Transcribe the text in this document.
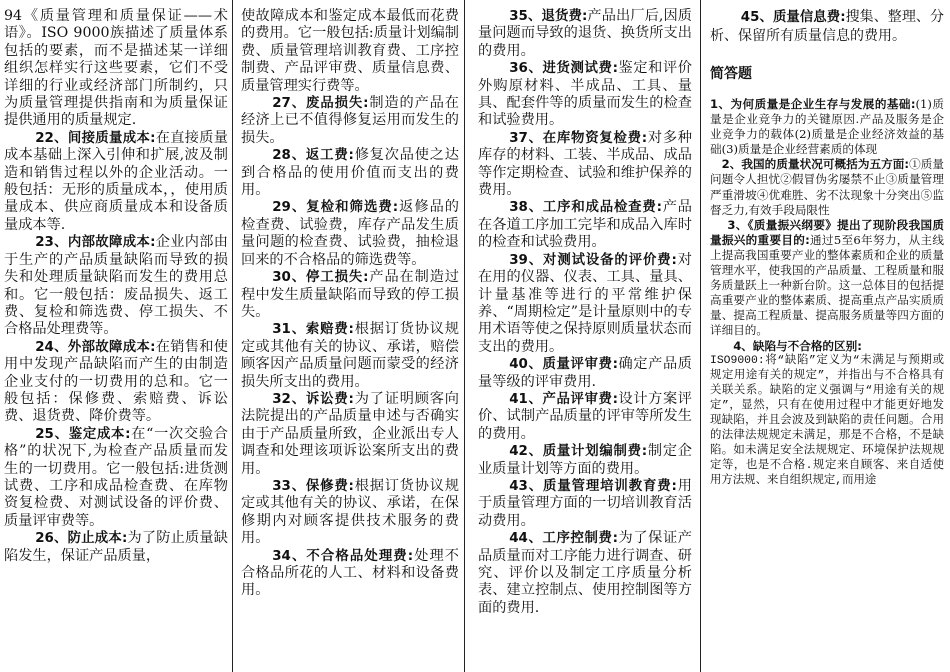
94《质量管理和质量保证——术语》。ISO 9000族描述了质量体系包括的要素，而不是描述某一详细组织怎样实行这些要素，它们不受详细的行业或经济部门所制约，只为质量管理提供指南和为质量保证提供通用的质量规定.

22、间接质量成本:在直接质量成本基础上深入引伸和扩展,波及制造和销售过程以外的企业活动。一般包括：无形的质量成本，，使用质量成本、供应商质量成本和设备质量成本等.

23、内部故障成本:企业内部由于生产的产品质量缺陷而导致的损失和处理质量缺陷而发生的费用总和。它一般包括：废品损失、返工费、复检和筛选费、停工损失、不合格品处理费等。

24、外部故障成本:在销售和使用中发现产品缺陷而产生的由制造企业支付的一切费用的总和。它一般包括：保修费、索赔费、诉讼费、退货费、降价费等。

25、鉴定成本:在“一次交验合格”的状况下,为检查产品质量而发生的一切费用。它一般包括:进货测试费、工序和成品检查费、在库物资复检费、对测试设备的评价费、质量评审费等。

26、防止成本:为了防止质量缺陷发生，保证产品质量，

使故障成本和鉴定成本最低而花费的费用。它一般包括:质量计划编制费、质量管理培训教育费、工序控制费、产品评审费、质量信息费、质量管理实行费等。

27、废品损失:制造的产品在经济上已不值得修复运用而发生的损失。

28、返工费:修复次品使之达到合格品的使用价值而支出的费用。

29、复检和筛选费:返修品的检查费、试验费，库存产品发生质量问题的检查费、试验费，抽检退回来的不合格品的筛选费等。

30、停工损失:产品在制造过程中发生质量缺陷而导致的停工损失。

31、索赔费:根据订货协议规定或其他有关的协议、承诺，赔偿顾客因产品质量问题而蒙受的经济损失所支出的费用。

32、诉讼费:为了证明顾客向法院提出的产品质量申述与否确实由于产品质量所致，企业派出专人调查和处理该项诉讼案所支出的费用。

33、保修费:根据订货协议规定或其他有关的协议、承诺，在保修期内对顾客提供技术服务的费用。

34、不合格品处理费:处理不合格品所花的人工、材料和设备费用。

35、退货费:产品出厂后,因质量问题而导致的退货、换货所支出的费用。

36、进货测试费:鉴定和评价外购原材料、半成品、工具、量具、配套件等的质量而发生的检查和试验费用。

37、在库物资复检费:对多种库存的材料、工装、半成品、成品等作定期检查、试验和维护保养的费用。

38、工序和成品检查费:产品在各道工序加工完毕和成品入库时的检查和试验费用。

39、对测试设备的评价费:对在用的仪器、仪表、工具、量具、计量基准等进行的平常维护保养、“周期检定”是计量原则中的专用术语等使之保持原则质量状态而支出的费用。

40、质量评审费:确定产品质量等级的评审费用.

41、产品评审费:设计方案评价、试制产品质量的评审等所发生的费用。

42、质量计划编制费:制定企业质量计划等方面的费用。

43、质量管理培训教育费:用于质量管理方面的一切培训教育活动费用。

44、工序控制费:为了保证产品质量而对工序能力进行调查、研究、评价以及制定工序质量分析表、建立控制点、使用控制图等方面的费用.

45、质量信息费:搜集、整理、分析、保留所有质量信息的费用。

简答题

1、为何质量是企业生存与发展的基础:(1)质量是企业竞争力的关键原因.产品及服务是企业竞争力的载体(2)质量是企业经济效益的基础(3)质量是企业经营素质的体现

2、我国的质量状况可概括为五方面:①质量问题令人担忧②假冒伪劣屡禁不止③质量管理严重滑坡④优难胜、劣不汰现象十分突出⑤监督乏力,有效手段局限性

3、《质量振兴纲要》提出了现阶段我国质量振兴的重要目的:通过5至6年努力，从主线上提高我国重要产业的整体素质和企业的质量管理水平，使我国的产品质量、工程质量和服务质量跃上一种新台阶。这一总体目的包括提高重要产业的整体素质、提高重点产品实质质量、提高工程质量、提高服务质量等四方面的详细目的。

4、缺陷与不合格的区别:

ISO9000:将“缺陷”定义为“未满足与预期或规定用途有关的规定”，并指出与不合格具有关联关系。缺陷的定义强调与“用途有关的规定”，显然，只有在使用过程中才能更好地发现缺陷，并且会波及到缺陷的责任问题。合用的法律法规规定未满足，那是不合格，不是缺陷。如未满足安全法规规定、环境保护法规规定等，也是不合格.规定来自顾客、来自适使用方法规、来自组织规定,而用途
